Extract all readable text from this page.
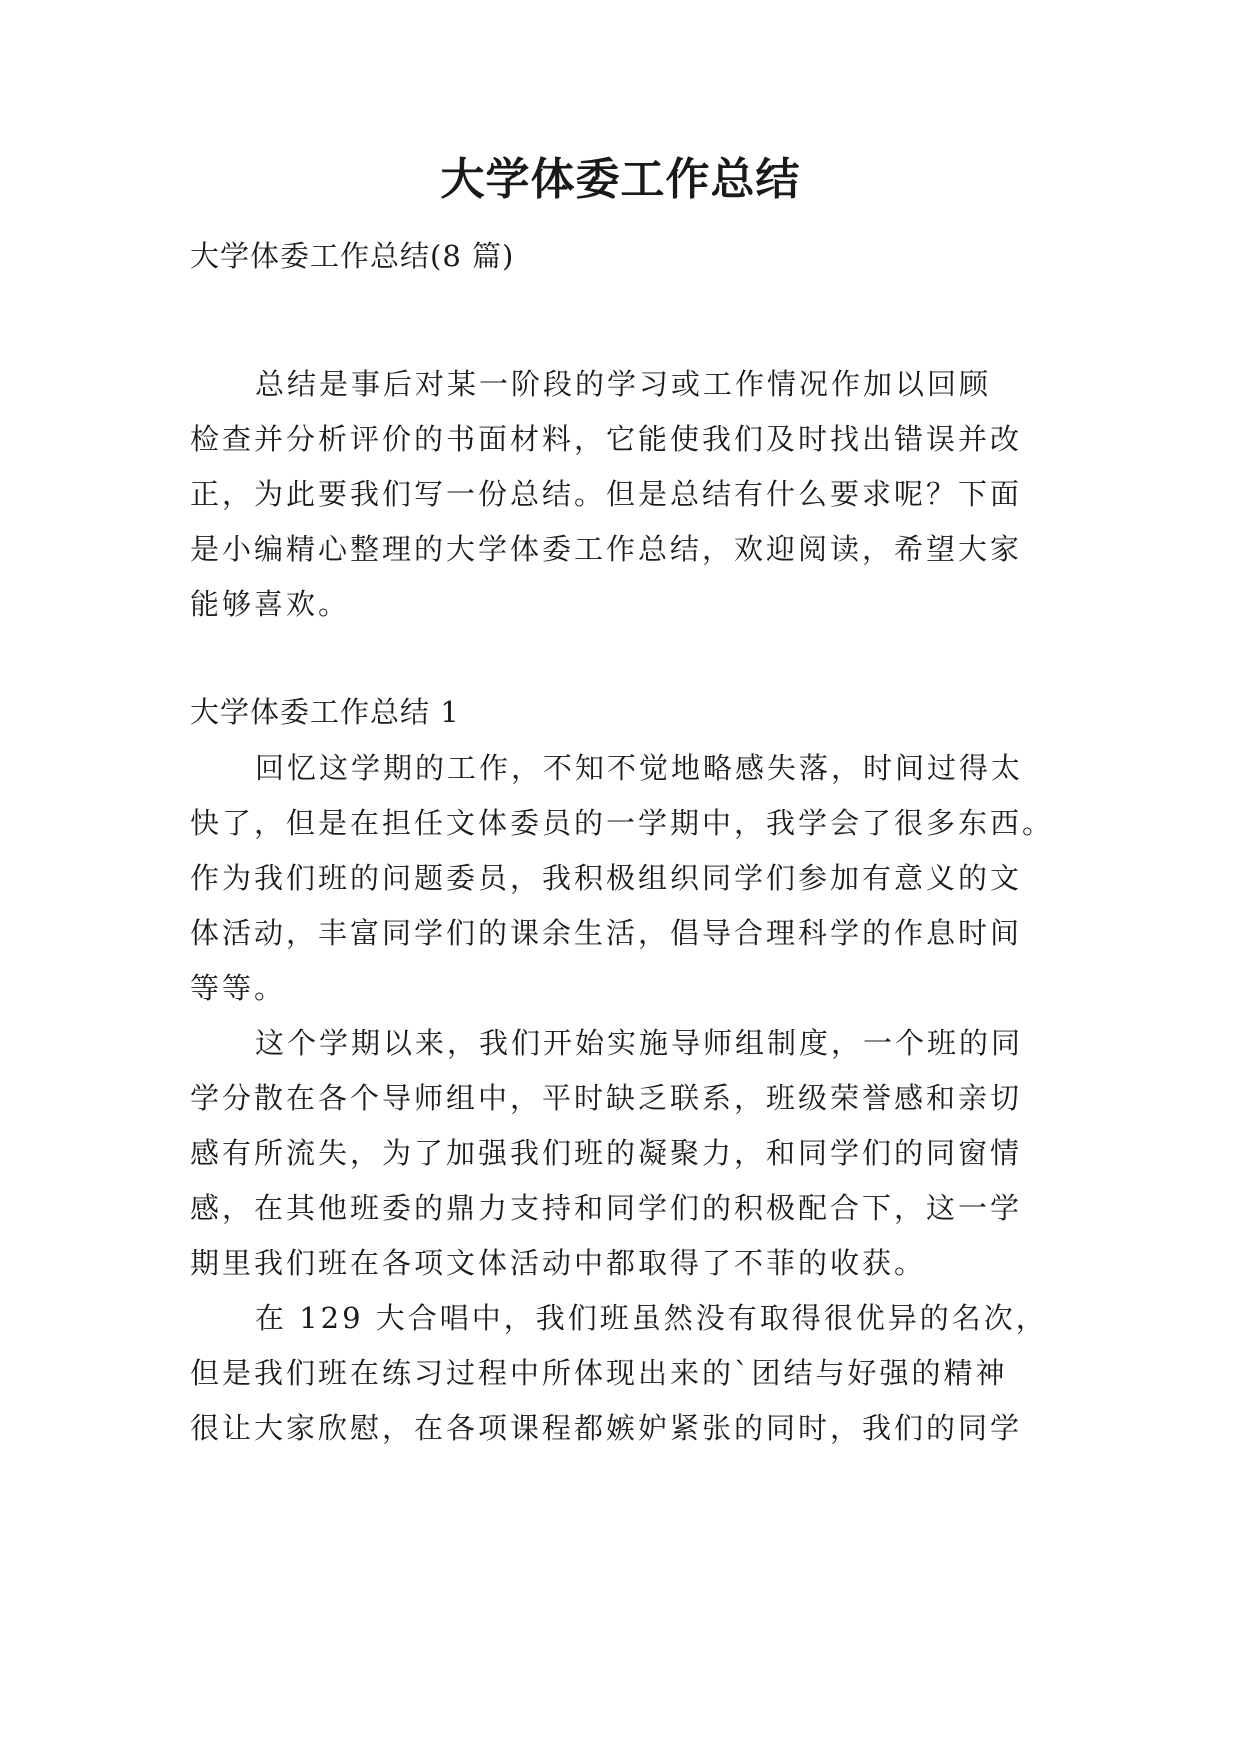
大学体委工作总结
大学体委工作总结(8 篇)
总结是事后对某一阶段的学习或工作情况作加以回顾
检查并分析评价的书面材料，它能使我们及时找出错误并改
正，为此要我们写一份总结。但是总结有什么要求呢？下面
是小编精心整理的大学体委工作总结，欢迎阅读，希望大家
能够喜欢。
大学体委工作总结 1
回忆这学期的工作，不知不觉地略感失落，时间过得太
快了，但是在担任文体委员的一学期中，我学会了很多东西。
作为我们班的问题委员，我积极组织同学们参加有意义的文
体活动，丰富同学们的课余生活，倡导合理科学的作息时间
等等。
这个学期以来，我们开始实施导师组制度，一个班的同
学分散在各个导师组中，平时缺乏联系，班级荣誉感和亲切
感有所流失，为了加强我们班的凝聚力，和同学们的同窗情
感，在其他班委的鼎力支持和同学们的积极配合下，这一学
期里我们班在各项文体活动中都取得了不菲的收获。
在 129 大合唱中，我们班虽然没有取得很优异的名次，
但是我们班在练习过程中所体现出来的`团结与好强的精神
很让大家欣慰，在各项课程都嫉妒紧张的同时，我们的同学
